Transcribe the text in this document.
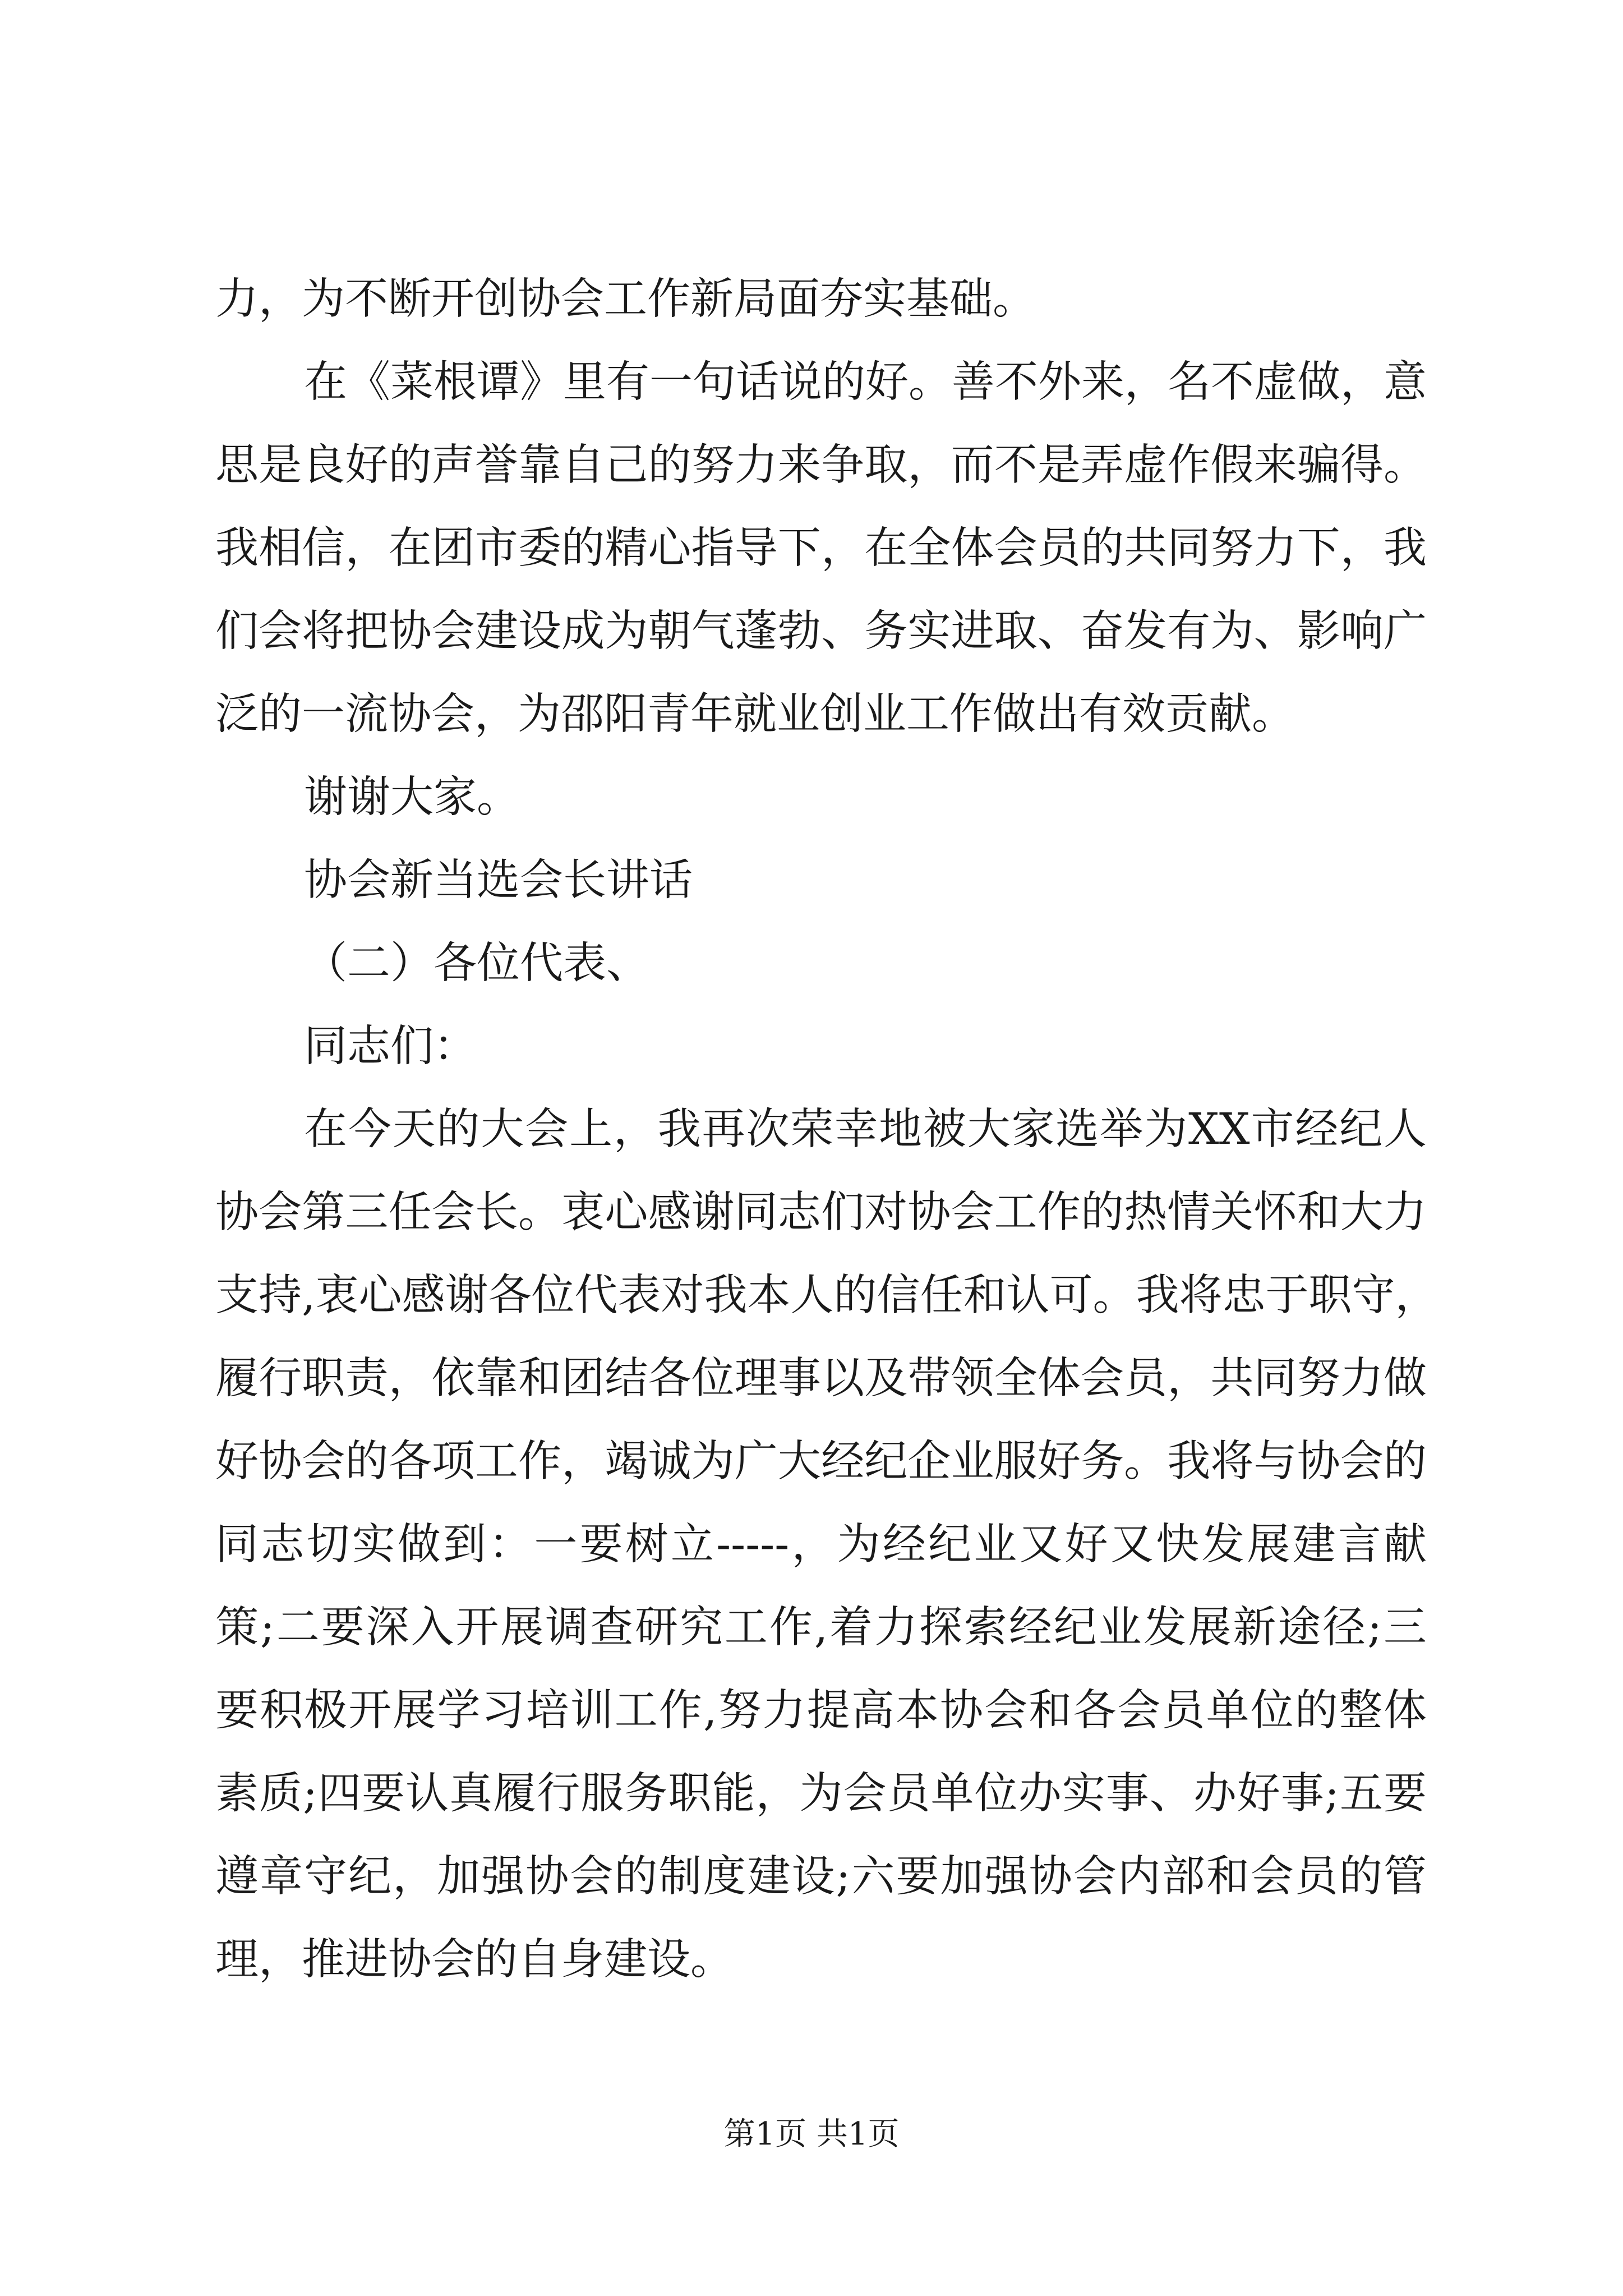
力，为不断开创协会工作新局面夯实基础。
在《菜根谭》里有一句话说的好。善不外来，名不虚做，意
思是良好的声誉靠自己的努力来争取，而不是弄虚作假来骗得。
我相信，在团市委的精心指导下，在全体会员的共同努力下，我
们会将把协会建设成为朝气蓬勃、务实进取、奋发有为、影响广
泛的一流协会，为邵阳青年就业创业工作做出有效贡献。
谢谢大家。
协会新当选会长讲话
（二）各位代表、
同志们：
在今天的大会上，我再次荣幸地被大家选举为XX市经纪人
协会第三任会长。衷心感谢同志们对协会工作的热情关怀和大力
支持,衷心感谢各位代表对我本人的信任和认可。我将忠于职守，
履行职责，依靠和团结各位理事以及带领全体会员，共同努力做
好协会的各项工作，竭诚为广大经纪企业服好务。我将与协会的
同志切实做到：一要树立-----，为经纪业又好又快发展建言献
策;二要深入开展调查研究工作,着力探索经纪业发展新途径;三
要积极开展学习培训工作,努力提高本协会和各会员单位的整体
素质;四要认真履行服务职能，为会员单位办实事、办好事;五要
遵章守纪，加强协会的制度建设;六要加强协会内部和会员的管
理，推进协会的自身建设。
第1页 共1页
